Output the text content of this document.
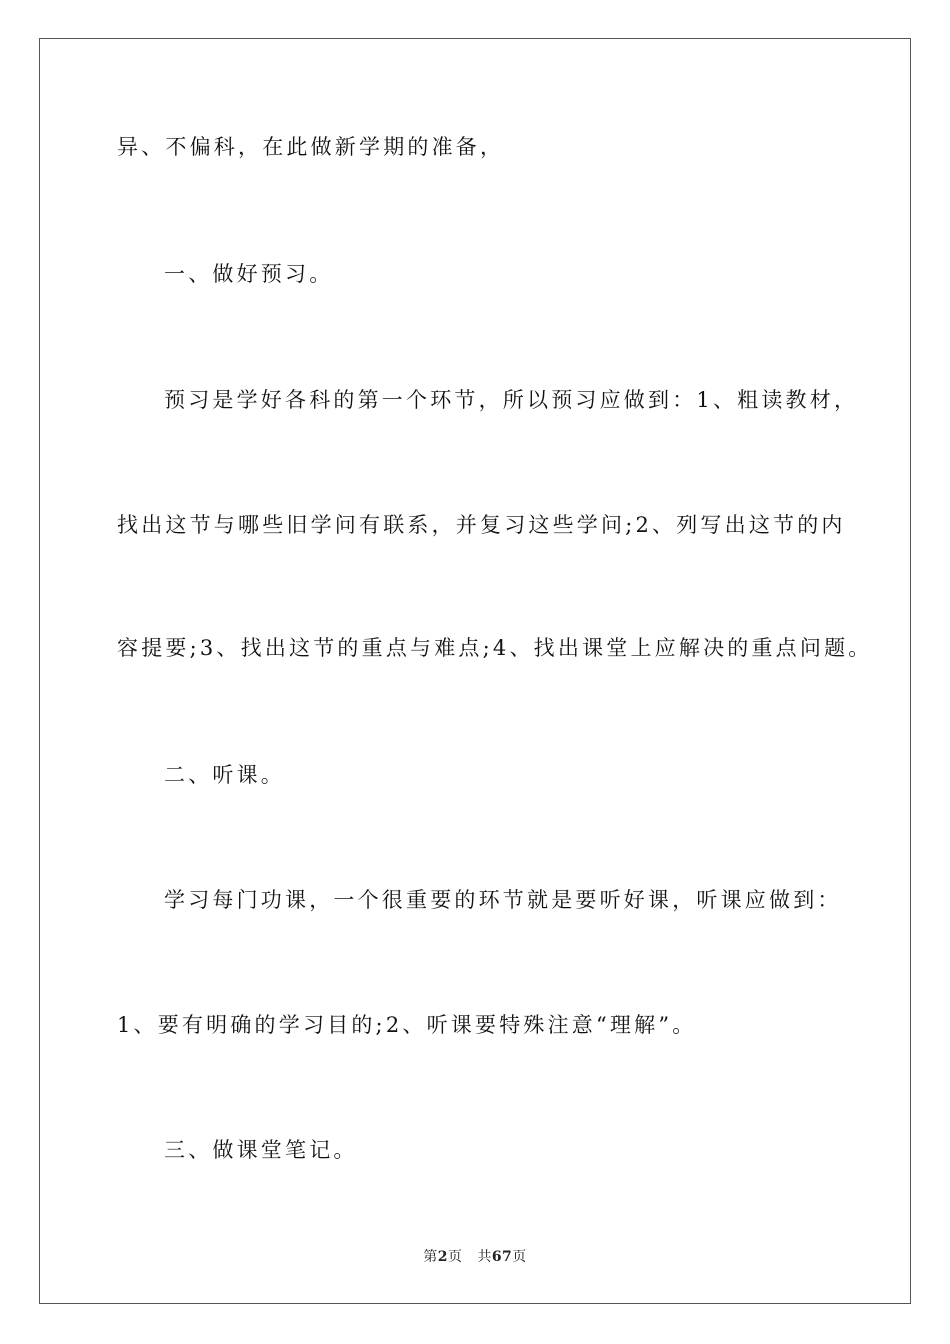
异、不偏科，在此做新学期的准备，
一、做好预习。
预习是学好各科的第一个环节，所以预习应做到：1、粗读教材，
找出这节与哪些旧学问有联系，并复习这些学问;2、列写出这节的内
容提要;3、找出这节的重点与难点;4、找出课堂上应解决的重点问题。
二、听课。
学习每门功课，一个很重要的环节就是要听好课，听课应做到：
1、要有明确的学习目的;2、听课要特殊注意“理解”。
三、做课堂笔记。
第2页 共67页
